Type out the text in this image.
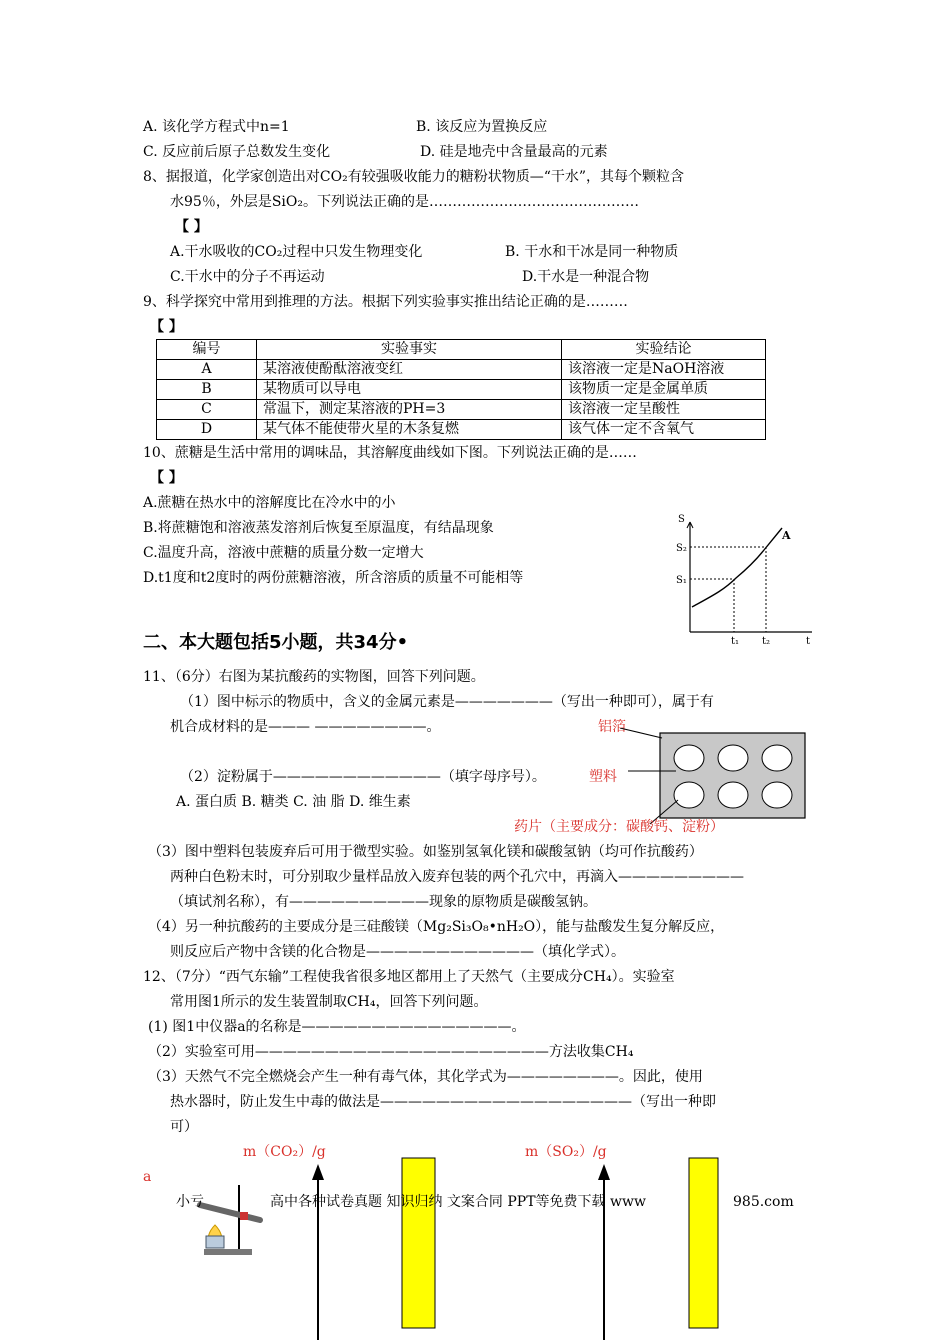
A. 该化学方程式中n=1	B. 该反应为置换反应
C. 反应前后原子总数发生变化	D. 硅是地壳中含量最高的元素
8、据报道，化学家创造出对CO₂有较强吸收能力的糖粉状物质—“干水”，其每个颗粒含
水95％，外层是SiO₂。下列说法正确的是………………………………………
【 】
A.干水吸收的CO₂过程中只发生物理变化	B. 干水和干冰是同一种物质
C.干水中的分子不再运动	D.干水是一种混合物
9、科学探究中常用到推理的方法。根据下列实验事实推出结论正确的是………
【 】
编号	实验事实	实验结论
A	某溶液使酚酞溶液变红	该溶液一定是NaOH溶液
B	某物质可以导电	该物质一定是金属单质
C	常温下，测定某溶液的PH=3	该溶液一定呈酸性
D	某气体不能使带火星的木条复燃	该气体一定不含氧气
10、蔗糖是生活中常用的调味品，其溶解度曲线如下图。下列说法正确的是……
【 】
A.蔗糖在热水中的溶解度比在冷水中的小
B.将蔗糖饱和溶液蒸发溶剂后恢复至原温度，有结晶现象
C.温度升高，溶液中蔗糖的质量分数一定增大
D.t1度和t2度时的两份蔗糖溶液，所含溶质的质量不可能相等
S
S₂
S₁
t₁ t₂	t
A
二、本大题包括5小题，共34分•
11、（6分）右图为某抗酸药的实物图，回答下列问题。
（1）图中标示的物质中，含义的金属元素是———————（写出一种即可），属于有
机合成材料的是——— ————————。
（2）淀粉属于————————————（填字母序号）。
A. 蛋白质 B. 糖类 C. 油 脂 D. 维生素
（3）图中塑料包装废弃后可用于微型实验。如鉴别氢氧化镁和碳酸氢钠（均可作抗酸药）
两种白色粉末时，可分别取少量样品放入废弃包装的两个孔穴中，再滴入—————————
（填试剂名称），有——————————现象的原物质是碳酸氢钠。
（4）另一种抗酸药的主要成分是三硅酸镁（Mg₂Si₃O₈•nH₂O），能与盐酸发生复分解反应，
则反应后产物中含镁的化合物是————————————（填化学式）。
铝箔
塑料
药片（主要成分：碳酸钙、淀粉）
12、（7分）“西气东输”工程使我省很多地区都用上了天然气（主要成分CH₄）。实验室
常用图1所示的发生装置制取CH₄，回答下列问题。
(1) 图1中仪器a的名称是———————————————。
（2）实验室可用—————————————————————方法收集CH₄
（3）天然气不完全燃烧会产生一种有毒气体，其化学式为————————。因此，使用
热水器时，防止发生中毒的做法是——————————————————（写出一种即
可）
m（CO₂）/g	m（SO₂）/g
a
小亏	高中各种试卷真题 知识归纳 文案合同 PPT等免费下载 www	985.com
